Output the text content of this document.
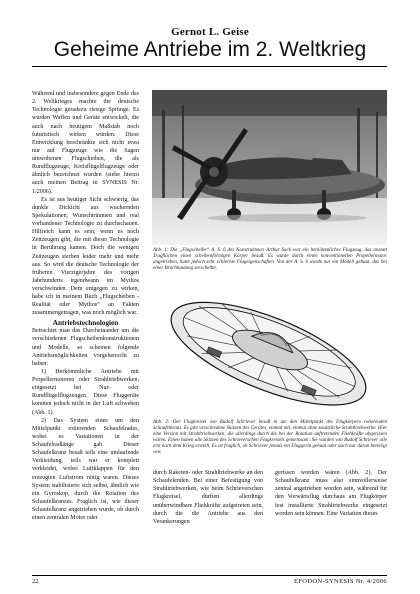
Gernot L. Geise
Geheime Antriebe im 2. Weltkrieg

Während und insbesondere gegen Ende des 2. Weltkrieges machte die deutsche Technologie geradezu riesige Sprünge. Es wurden Waffen und Geräte entwickelt, die auch nach heutigem Maßstab noch futuristisch wirken würden. Diese Entwicklung beschränkte sich nicht etwa nur auf Flugzeuge wie die Sagen umwobenen Flugscheiben, die als Rundflugzeuge, Kreisflügelflugzeuge oder ähnlich bezeichnet wurden (siehe hierzu auch meinen Beitrag in SYNESIS Nr. 1/2006).

Es ist aus heutiger Sicht schwierig, das dunkle Dickicht aus wuchernden Spekulationen, Wunschträumen und real vorhandener Technologie zu durchschauen. Hilfreich kann es sein, wenn es noch Zeitzeugen gibt, die mit dieser Technologie in Berührung kamen. Doch die wenigen Zeitzeugen sterben leider mehr und mehr aus. So wird die deutsche Technologie der früheren Vierzigerjahre des vorigen Jahrhunderts irgendwann im Mythos verschwinden. Dem entgegen zu wirken, habe ich in meinem Buch „Flugscheiben - Realität oder Mythos“ an Fakten zusammengetragen, was noch möglich war.

Antriebstechnologien

Betrachtet man das Durcheinander um die verschiedenen Flugscheibenkonstruktionen und Modelle, so scheinen folgende Antriebsmöglichkeiten vorgeherrscht zu haben:

1) Herkömmliche Antriebe mit Propellermotoren oder Strahltriebwerken, eingesetzt bei Nur- oder Rundflügelflugzeugen. Diese Fluggeräte konnten jedoch nicht in der Luft schweben (Abb. 1).

2) Das System eines um den Mittelpunkt rotierenden Schaufelrades, wobei es Variationen in der Schaufelradlänge gab. Dieser Schaufelkranz besaß teils eine umlaufende Verkleidung, teils war er komplett verkleidet, wobei Luftklappen für den erzeugten Luftstrom nötig waren. Dieses System stabilisierte sich selbst, ähnlich wie ein Gyroskop, durch die Rotation des Schaufelkranzes. Fraglich ist, wie dieser Schaufelkranz angetrieben wurde, ob durch einen zentralen Motor oder

Abb. 1: Die „Flugscheibe“ A. S. 6 des Konstrukteurs Arthur Sack war ein herkömmliches Flugzeug, das anstatt Tragflächen einen scheibenförmigen Körper besaß. Es wurde durch einen konventionellen Propellermotor angetrieben, hatte jedoch sehr schlechte Flugeigenschaften. Von der A. S. 6 wurde nur ein Modell gebaut, das bei einer Bruchlandung zerschellte.
Abb. 2: Der Flugkreisel von Rudolf Schriever besaß in um den Mittelpunkt des Flugkörpers rotierenden Schaufelkranz. Es gibt verschiedene Skizzen des Gerätes, einmal mit, einmal ohne zusätzliche Strahltriebwerke. Hier eine Version mit Strahltriebwerken, die allerdings durch die bei der Rotation auftretenden Fliehkräfte abgerissen wären. Einen haben alle Skizzen des Schrieverschen Flugkreisels gemeinsam: Sie wurden von Rudolf Schriever alle erst nach dem Krieg erstellt. Es ist fraglich, ob Schriever jemals ein Fluggerät gebaut oder auch nur daran beteiligt war.

durch Raketen- oder Strahltriebwerke an den Schaufelenden. Bei einer Befestigung von Strahltriebwerken, wie beim Schrieverschen Flugkreisel, dürften allerdings unüberwindbare Fliehkräfte aufgetreten sein, durch die die Antriebe aus den Verankerungen

gerissen worden wären (Abb. 2). Der Schaufelkranz muss also sinnvollerweise zentral angetrieben worden sein, während für den Vorwärtsflug durchaus am Flugkörper fest installierte Strahltriebwerke eingesetzt worden sein können. Eine Variation dieses

22	EFODON-SYNESIS Nr. 4/2006
